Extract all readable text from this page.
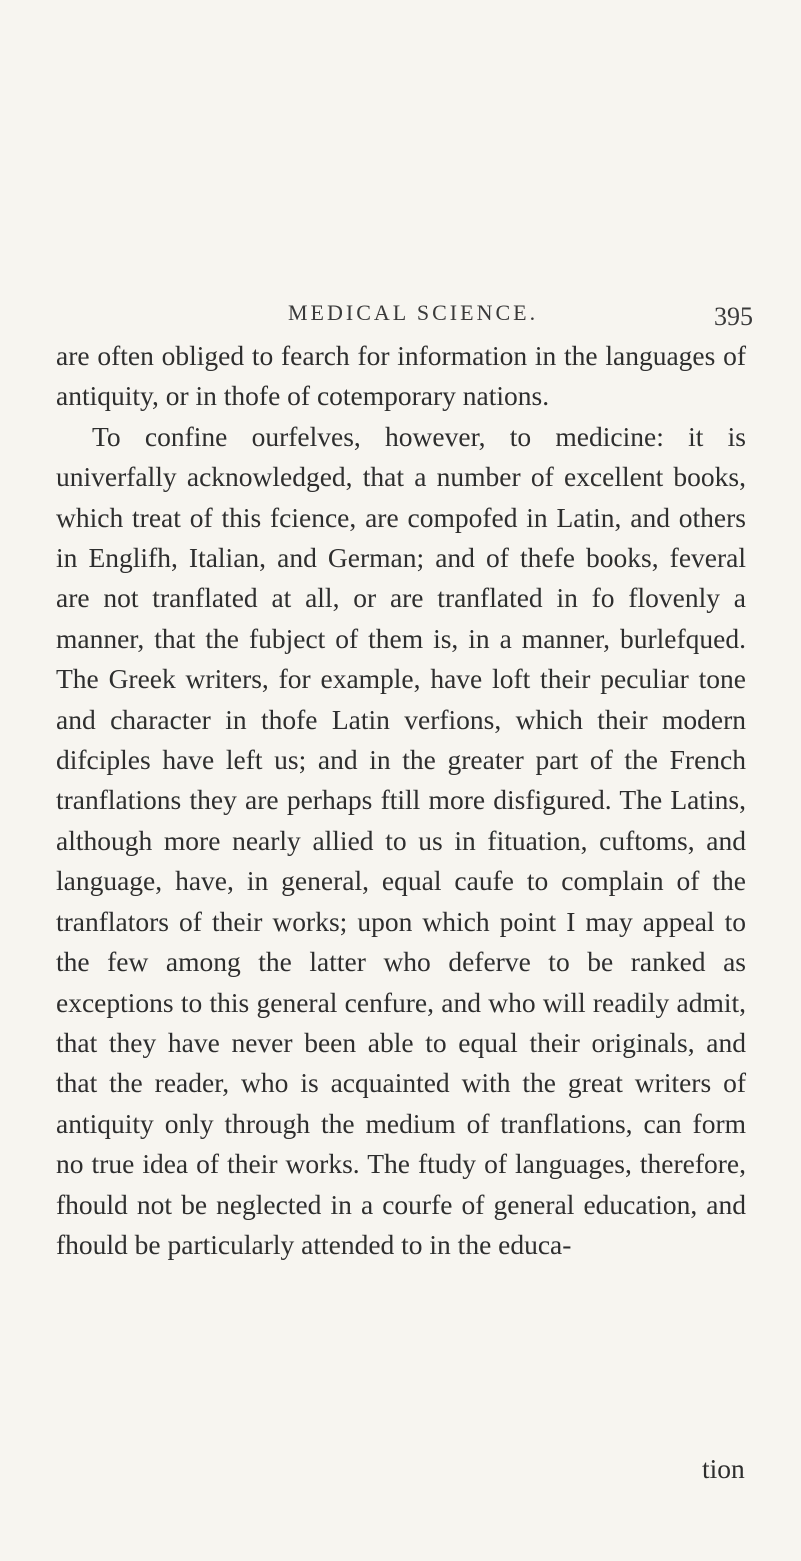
MEDICAL SCIENCE.	395

are often obliged to fearch for information in the languages of antiquity, or in thofe of cotemporary nations.

To confine ourfelves, however, to medicine: it is univerfally acknowledged, that a number of excellent books, which treat of this fcience, are compofed in Latin, and others in Englifh, Italian, and German; and of thefe books, feveral are not tranflated at all, or are tranflated in fo flovenly a manner, that the fubject of them is, in a manner, burlefqued. The Greek writers, for example, have loft their peculiar tone and character in thofe Latin verfions, which their modern difciples have left us; and in the greater part of the French tranflations they are perhaps ftill more disfigured. The Latins, although more nearly allied to us in fituation, cuftoms, and language, have, in general, equal caufe to complain of the tranflators of their works; upon which point I may appeal to the few among the latter who deferve to be ranked as exceptions to this general cenfure, and who will readily admit, that they have never been able to equal their originals, and that the reader, who is acquainted with the great writers of antiquity only through the medium of tranflations, can form no true idea of their works. The ftudy of languages, therefore, fhould not be neglected in a courfe of general education, and fhould be particularly attended to in the educa-

tion
